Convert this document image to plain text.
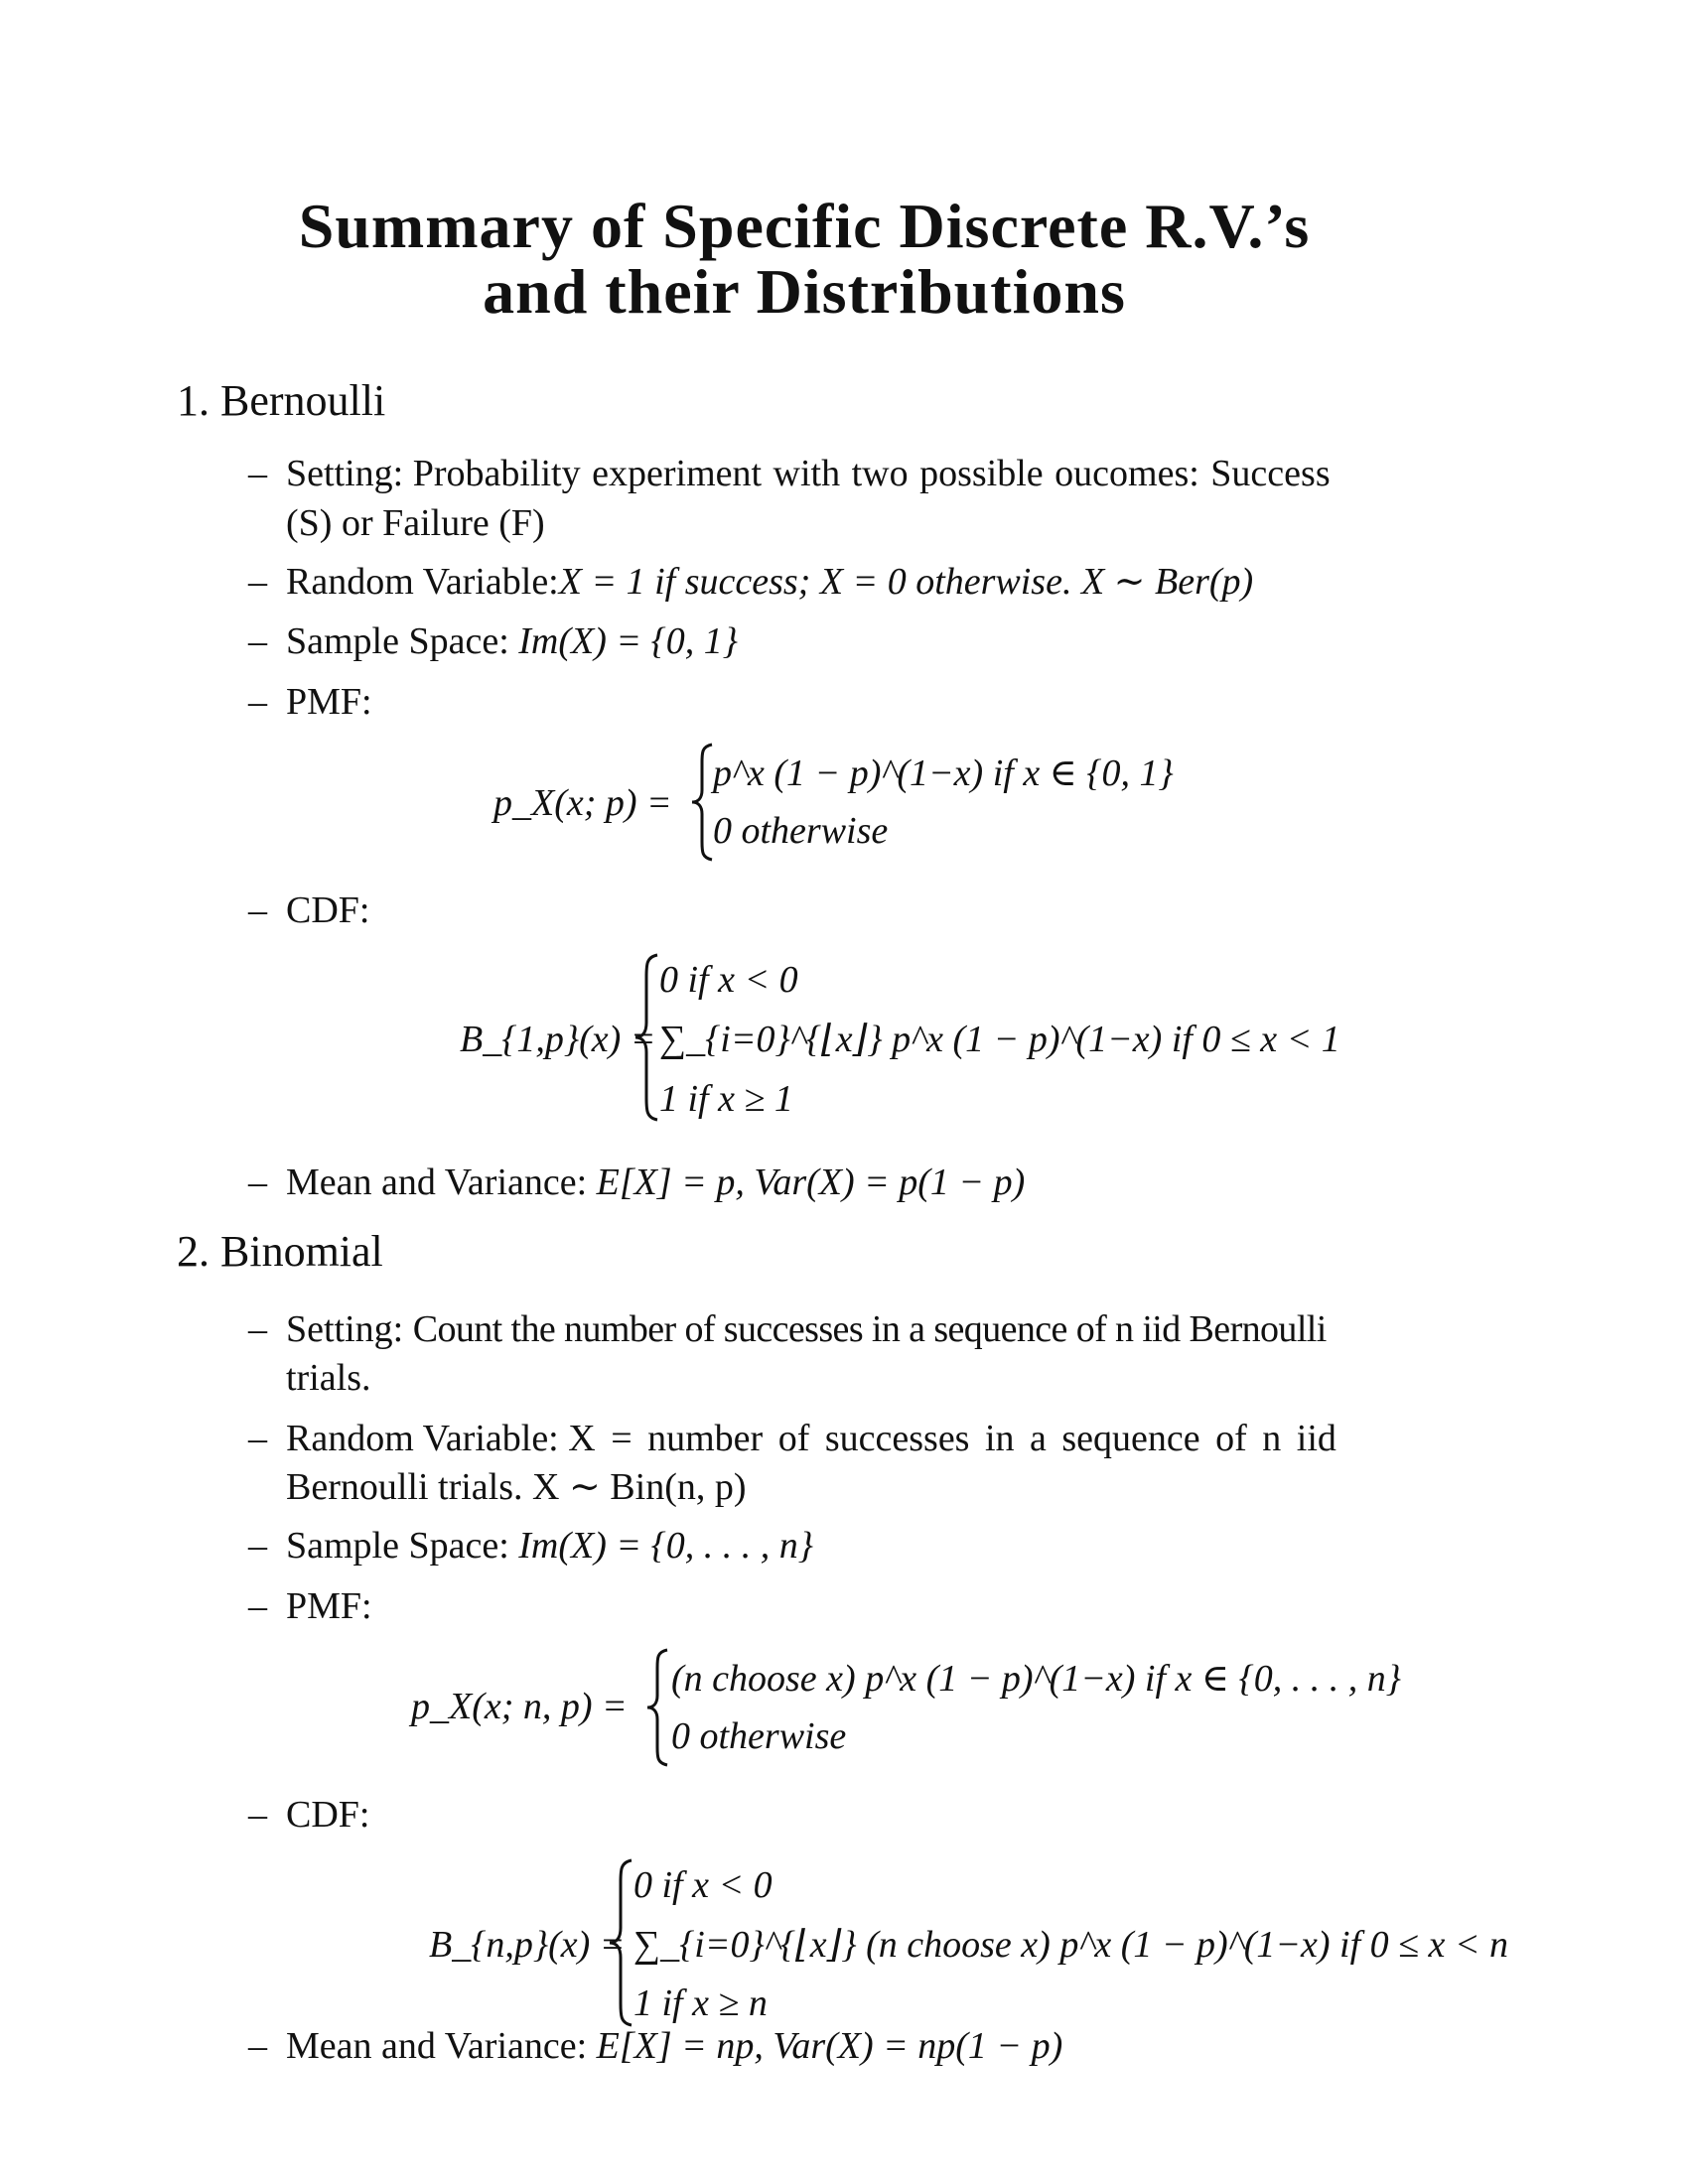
Summary of Specific Discrete R.V.’s
and their Distributions
1. Bernoulli
– Setting: Probability experiment with two possible oucomes: Success
(S) or Failure (F)
– Random Variable:X = 1 if success; X = 0 otherwise. X ∼ Ber(p)
– Sample Space: Im(X) = {0, 1}
– PMF:
p_X(x; p) =
p^x (1 − p)^(1−x) if x ∈ {0, 1}
0 otherwise
– CDF:
B_{1,p}(x) =
0 if x < 0
∑_{i=0}^{⌊x⌋} p^x (1 − p)^(1−x) if 0 ≤ x < 1
1 if x ≥ 1
– Mean and Variance: E[X] = p, Var(X) = p(1 − p)
2. Binomial
– Setting: Count the number of successes in a sequence of n iid Bernoulli
trials.
– Random Variable: X = number of successes in a sequence of n iid
Bernoulli trials. X ∼ Bin(n, p)
– Sample Space: Im(X) = {0, . . . , n}
– PMF:
p_X(x; n, p) =
(n choose x) p^x (1 − p)^(1−x) if x ∈ {0, . . . , n}
0 otherwise
– CDF:
B_{n,p}(x) =
0 if x < 0
∑_{i=0}^{⌊x⌋} (n choose x) p^x (1 − p)^(1−x) if 0 ≤ x < n
1 if x ≥ n
– Mean and Variance: E[X] = np, Var(X) = np(1 − p)
